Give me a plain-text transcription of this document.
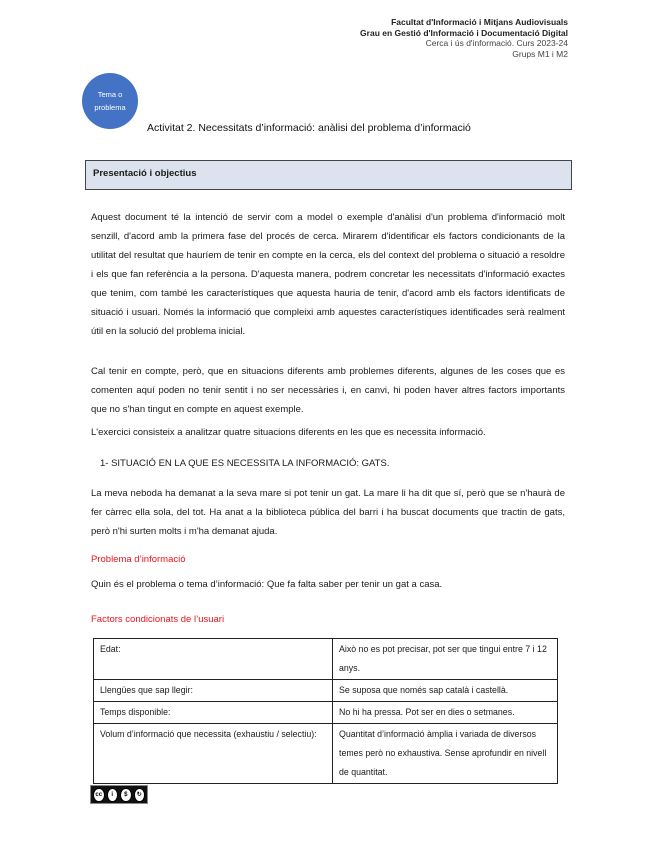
Facultat d'Informació i Mitjans Audiovisuals
Grau en Gestió d'Informació i Documentació Digital
Cerca i ús d'informació. Curs 2023-24
Grups M1 i M2
Tema o
problema
Activitat 2. Necessitats d’informació: anàlisi del problema d’informació
Presentació i objectius
Aquest document té la intenció de servir com a model o exemple d'anàlisi d'un problema d'informació molt senzill, d'acord amb la primera fase del procés de cerca. Mirarem d'identificar els factors condicionants de la utilitat del resultat que hauríem de tenir en compte en la cerca, els del context del problema o situació a resoldre i els que fan referència a la persona. D'aquesta manera, podrem concretar les necessitats d'informació exactes que tenim, com també les característiques que aquesta hauria de tenir, d'acord amb els factors identificats de situació i usuari. Només la informació que compleixi amb aquestes característiques identificades serà realment útil en la solució del problema inicial.
Cal tenir en compte, però, que en situacions diferents amb problemes diferents, algunes de les coses que es comenten aquí poden no tenir sentit i no ser necessàries i, en canvi, hi poden haver altres factors importants que no s'han tingut en compte en aquest exemple.
L'exercici consisteix a analitzar quatre situacions diferents en les que es necessita informació.
1- SITUACIÓ EN LA QUE ES NECESSITA LA INFORMACIÓ: GATS.
La meva neboda ha demanat a la seva mare si pot tenir un gat. La mare li ha dit que sí, però que se n'haurà de fer càrrec ella sola, del tot. Ha anat a la biblioteca pública del barri i ha buscat documents que tractin de gats, però n'hi surten molts i m'ha demanat ajuda.
Problema d’informació
Quin és el problema o tema d’informació: Que fa falta saber per tenir un gat a casa.
Factors condicionats de l’usuari
Edat:	Això no es pot precisar, pot ser que tingui entre 7 i 12 anys.
Llengües que sap llegir:	Se suposa que només sap català i castellà.
Temps disponible:	No hi ha pressa. Pot ser en dies o setmanes.
Volum d’informació que necessita (exhaustiu / selectiu):	Quantitat d’informació àmplia i variada de diversos temes però no exhaustiva. Sense aprofundir en nivell de quantitat.
cc	i	$	↻
